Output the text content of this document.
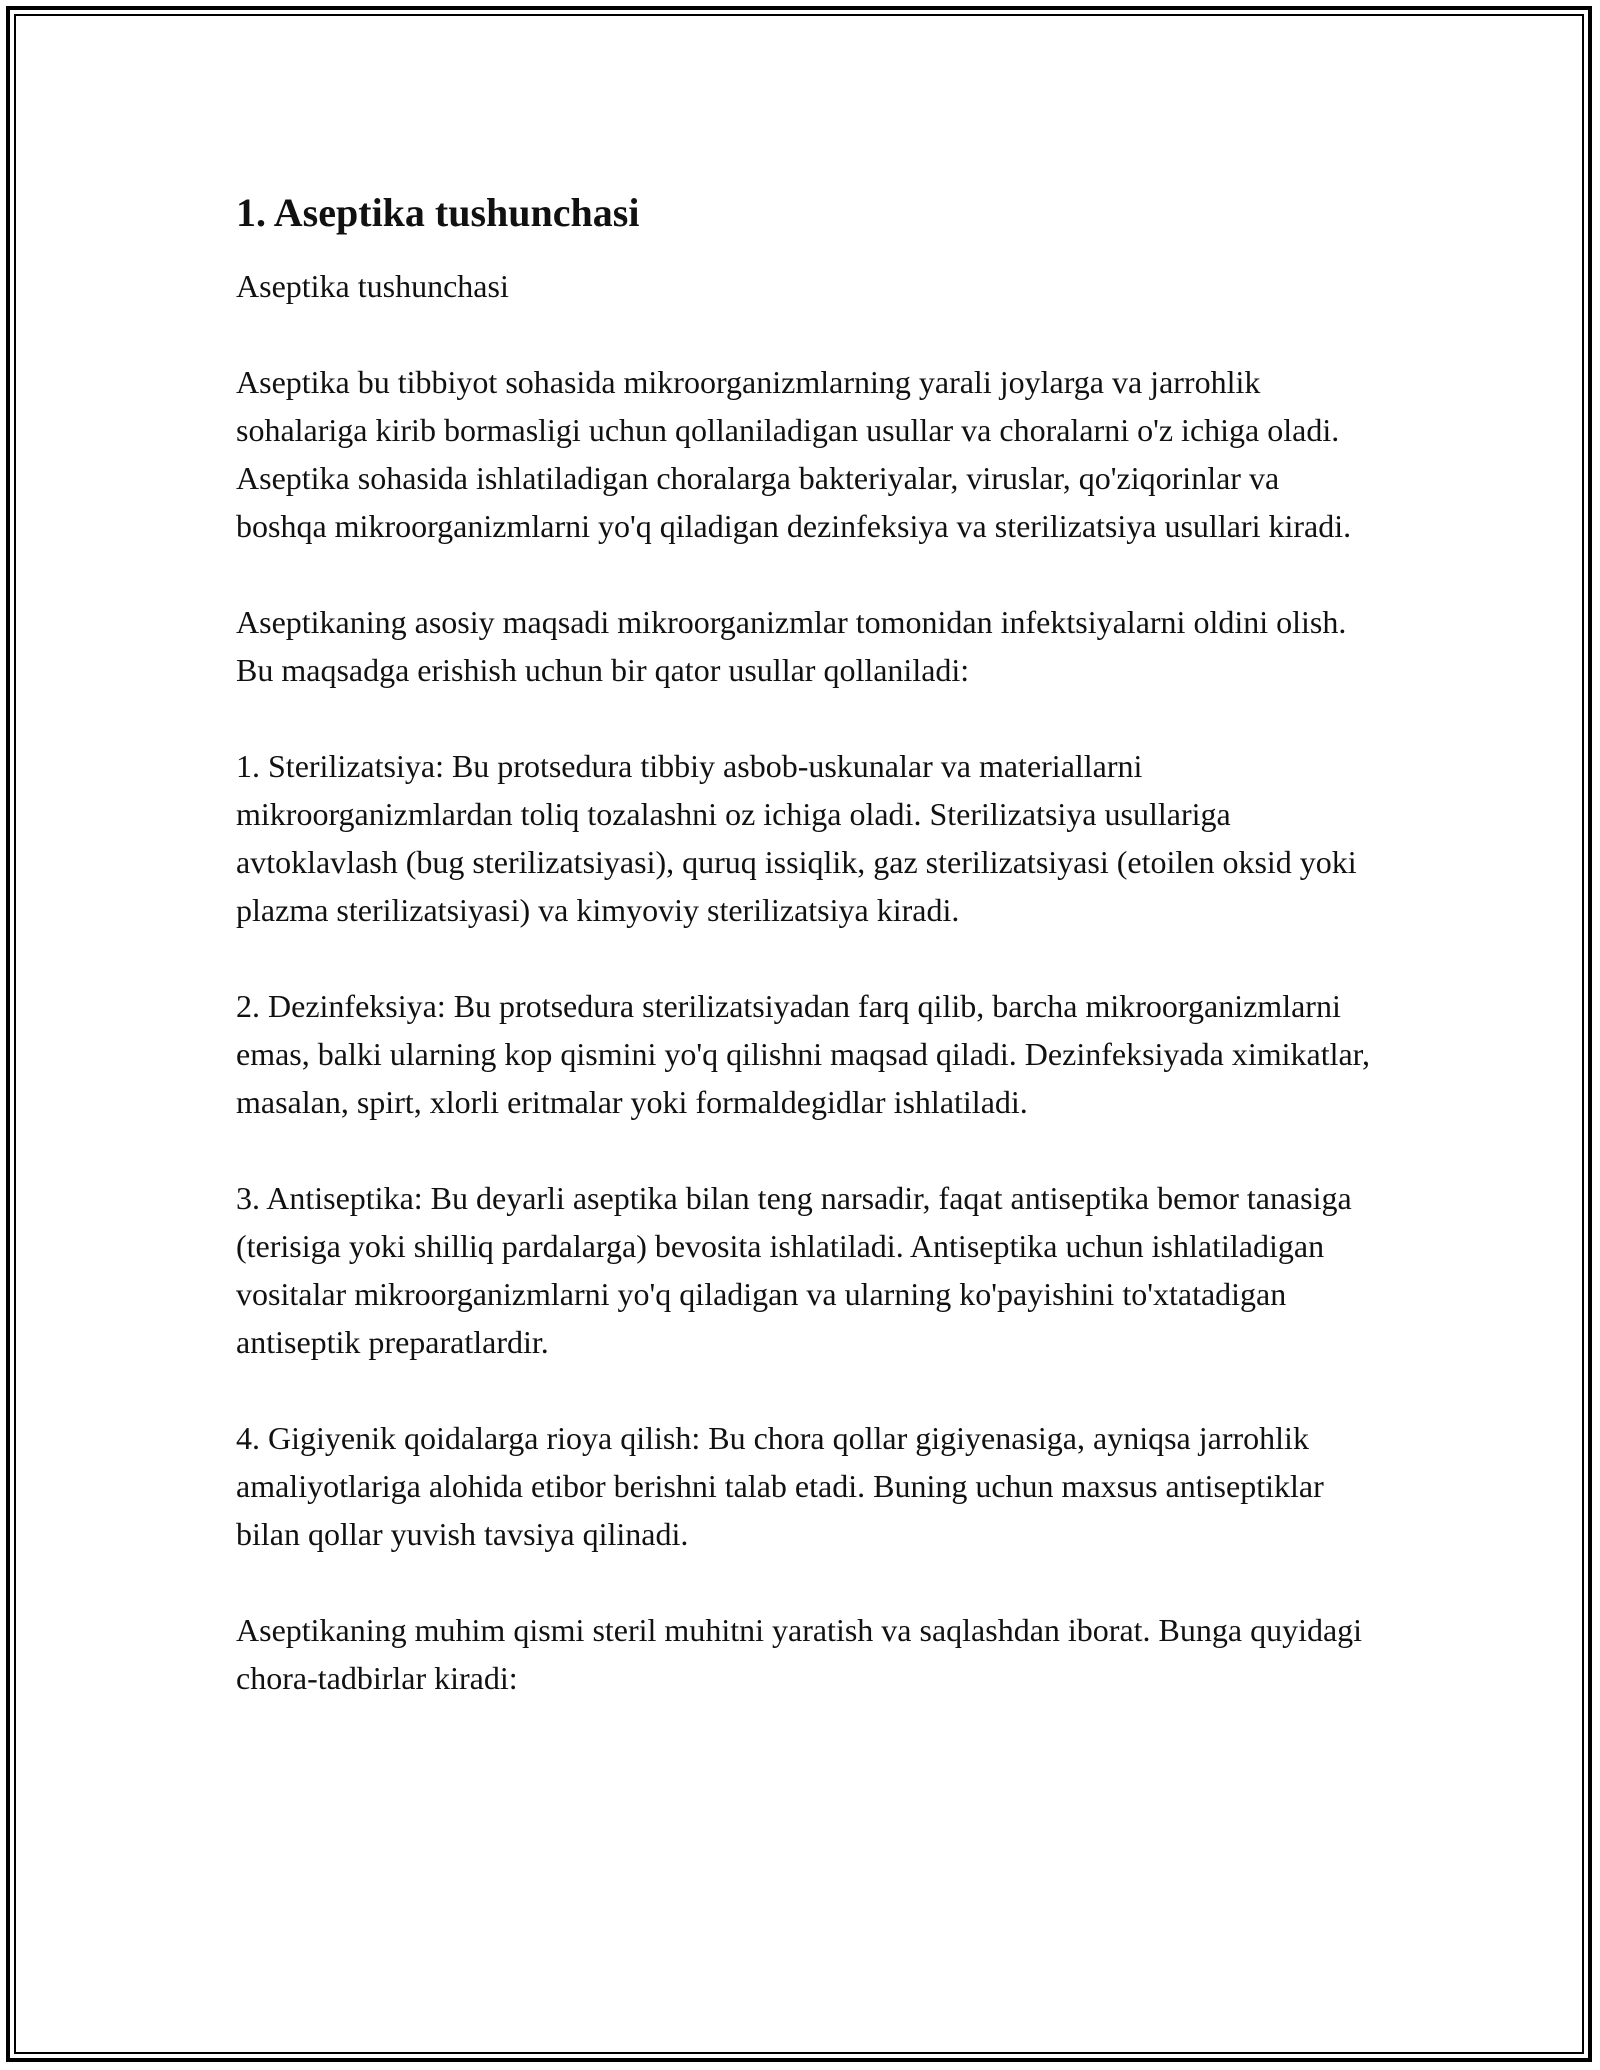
1. Aseptika tushunchasi

Aseptika tushunchasi

Aseptika bu tibbiyot sohasida mikroorganizmlarning yarali joylarga va jarrohlik sohalariga kirib bormasligi uchun qollaniladigan usullar va choralarni o'z ichiga oladi. Aseptika sohasida ishlatiladigan choralarga bakteriyalar, viruslar, qo'ziqorinlar va boshqa mikroorganizmlarni yo'q qiladigan dezinfeksiya va sterilizatsiya usullari kiradi.

Aseptikaning asosiy maqsadi mikroorganizmlar tomonidan infektsiyalarni oldini olish. Bu maqsadga erishish uchun bir qator usullar qollaniladi:

1. Sterilizatsiya: Bu protsedura tibbiy asbob-uskunalar va materiallarni mikroorganizmlardan toliq tozalashni oz ichiga oladi. Sterilizatsiya usullariga avtoklavlash (bug sterilizatsiyasi), quruq issiqlik, gaz sterilizatsiyasi (etoilen oksid yoki plazma sterilizatsiyasi) va kimyoviy sterilizatsiya kiradi.

2. Dezinfeksiya: Bu protsedura sterilizatsiyadan farq qilib, barcha mikroorganizmlarni emas, balki ularning kop qismini yo'q qilishni maqsad qiladi. Dezinfeksiyada ximikatlar, masalan, spirt, xlorli eritmalar yoki formaldegidlar ishlatiladi.

3. Antiseptika: Bu deyarli aseptika bilan teng narsadir, faqat antiseptika bemor tanasiga (terisiga yoki shilliq pardalarga) bevosita ishlatiladi. Antiseptika uchun ishlatiladigan vositalar mikroorganizmlarni yo'q qiladigan va ularning ko'payishini to'xtatadigan antiseptik preparatlardir.

4. Gigiyenik qoidalarga rioya qilish: Bu chora qollar gigiyenasiga, ayniqsa jarrohlik amaliyotlariga alohida etibor berishni talab etadi. Buning uchun maxsus antiseptiklar bilan qollar yuvish tavsiya qilinadi.

Aseptikaning muhim qismi steril muhitni yaratish va saqlashdan iborat. Bunga quyidagi chora-tadbirlar kiradi:
